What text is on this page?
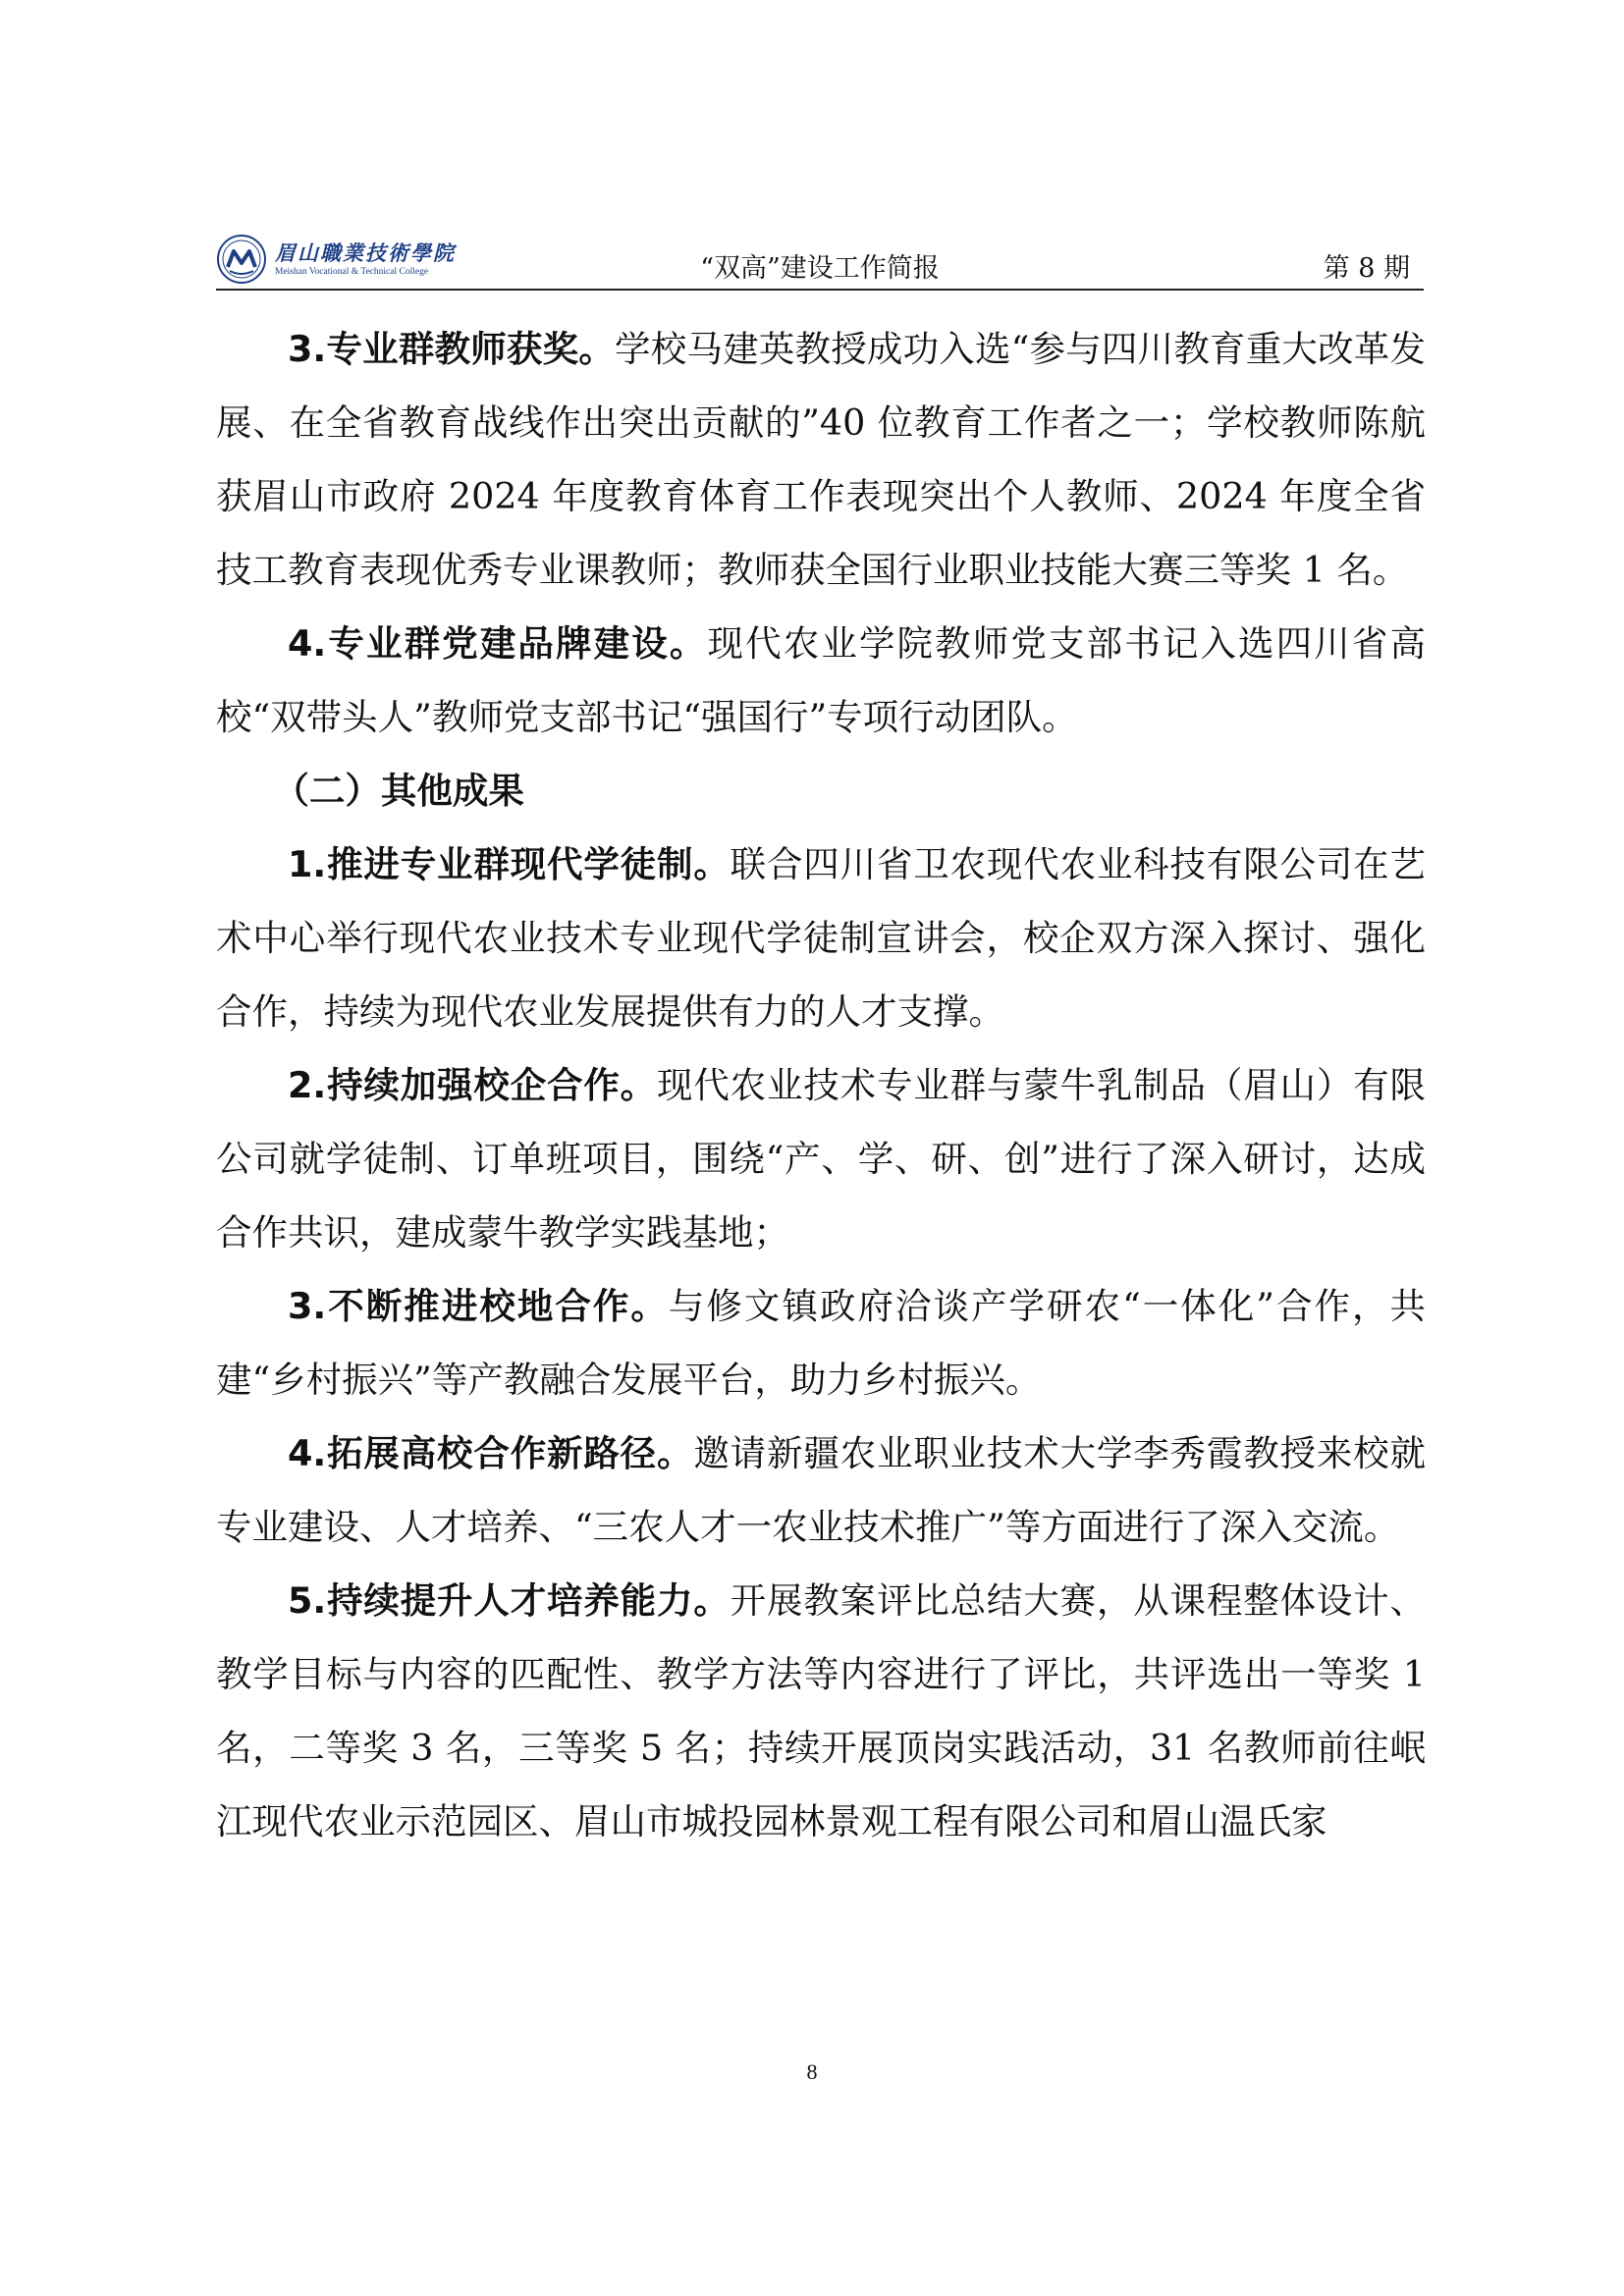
眉山職業技術學院
Meishan Vocational & Technical College	“双高”建设工作简报	第 8 期

3.专业群教师获奖。学校马建英教授成功入选“参与四川教育重大改革发展、在全省教育战线作出突出贡献的”40 位教育工作者之一；学校教师陈航获眉山市政府 2024 年度教育体育工作表现突出个人教师、2024 年度全省技工教育表现优秀专业课教师；教师获全国行业职业技能大赛三等奖 1 名。

4.专业群党建品牌建设。现代农业学院教师党支部书记入选四川省高校“双带头人”教师党支部书记“强国行”专项行动团队。

（二）其他成果

1.推进专业群现代学徒制。联合四川省卫农现代农业科技有限公司在艺术中心举行现代农业技术专业现代学徒制宣讲会，校企双方深入探讨、强化合作，持续为现代农业发展提供有力的人才支撑。

2.持续加强校企合作。现代农业技术专业群与蒙牛乳制品（眉山）有限公司就学徒制、订单班项目，围绕“产、学、研、创”进行了深入研讨，达成合作共识，建成蒙牛教学实践基地；

3.不断推进校地合作。与修文镇政府洽谈产学研农“一体化”合作，共建“乡村振兴”等产教融合发展平台，助力乡村振兴。

4.拓展高校合作新路径。邀请新疆农业职业技术大学李秀霞教授来校就专业建设、人才培养、“三农人才一农业技术推广”等方面进行了深入交流。

5.持续提升人才培养能力。开展教案评比总结大赛，从课程整体设计、教学目标与内容的匹配性、教学方法等内容进行了评比，共评选出一等奖 1 名，二等奖 3 名，三等奖 5 名；持续开展顶岗实践活动，31 名教师前往岷江现代农业示范园区、眉山市城投园林景观工程有限公司和眉山温氏家

8
